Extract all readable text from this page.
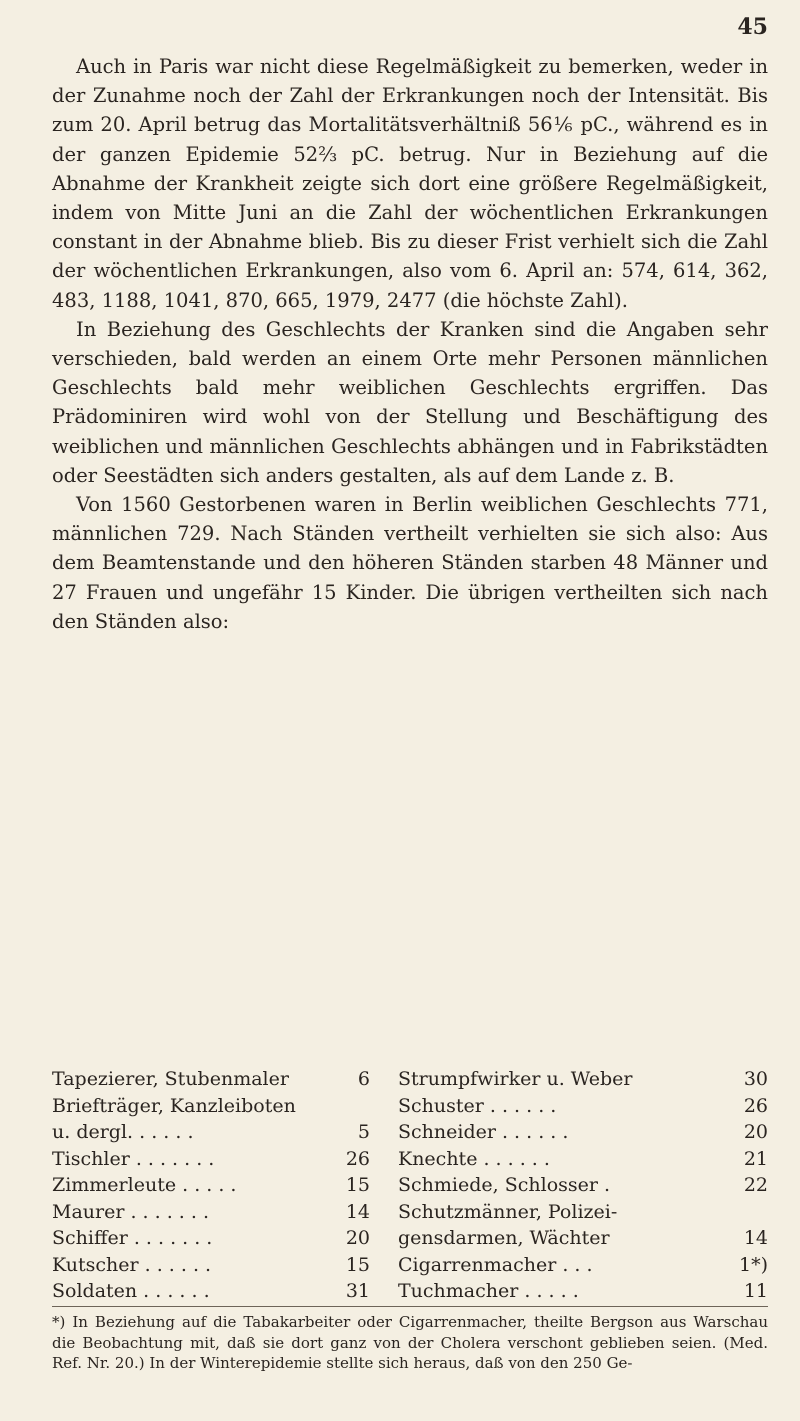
45

Auch in Paris war nicht diese Regelmäßigkeit zu bemerken, weder in der Zunahme noch der Zahl der Erkrankungen noch der Intensität. Bis zum 20. April betrug das Mortalitätsverhältniß 56⅙ pC., während es in der ganzen Epidemie 52⅔ pC. betrug. Nur in Beziehung auf die Abnahme der Krankheit zeigte sich dort eine größere Regelmäßigkeit, indem von Mitte Juni an die Zahl der wöchentlichen Erkrankungen constant in der Abnahme blieb. Bis zu dieser Frist verhielt sich die Zahl der wöchentlichen Erkrankungen, also vom 6. April an: 574, 614, 362, 483, 1188, 1041, 870, 665, 1979, 2477 (die höchste Zahl).

In Beziehung des Geschlechts der Kranken sind die Angaben sehr verschieden, bald werden an einem Orte mehr Personen männlichen Geschlechts bald mehr weiblichen Geschlechts ergriffen. Das Prädominiren wird wohl von der Stellung und Beschäftigung des weiblichen und männlichen Geschlechts abhängen und in Fabrikstädten oder Seestädten sich anders gestalten, als auf dem Lande z. B.

Von 1560 Gestorbenen waren in Berlin weiblichen Geschlechts 771, männlichen 729. Nach Ständen vertheilt verhielten sie sich also: Aus dem Beamtenstande und den höheren Ständen starben 48 Männer und 27 Frauen und ungefähr 15 Kinder. Die übrigen vertheilten sich nach den Ständen also:

Tapezierer, Stubenmaler	6
Briefträger, Kanzleiboten
u. dergl. . . . . .	5
Tischler . . . . . . .	26
Zimmerleute . . . . .	15
Maurer . . . . . . .	14
Schiffer . . . . . . .	20
Kutscher . . . . . .	15
Soldaten . . . . . .	31
Strumpfwirker u. Weber	30
Schuster . . . . . .	26
Schneider . . . . . .	20
Knechte . . . . . .	21
Schmiede, Schlosser .	22
Schutzmänner, Polizei-
gensdarmen, Wächter	14
Cigarrenmacher . . .	1*)
Tuchmacher . . . . .	11

*) In Beziehung auf die Tabakarbeiter oder Cigarrenmacher, theilte Bergson aus Warschau die Beobachtung mit, daß sie dort ganz von der Cholera verschont geblieben seien. (Med. Ref. Nr. 20.) In der Winterepidemie stellte sich heraus, daß von den 250 Ge-
